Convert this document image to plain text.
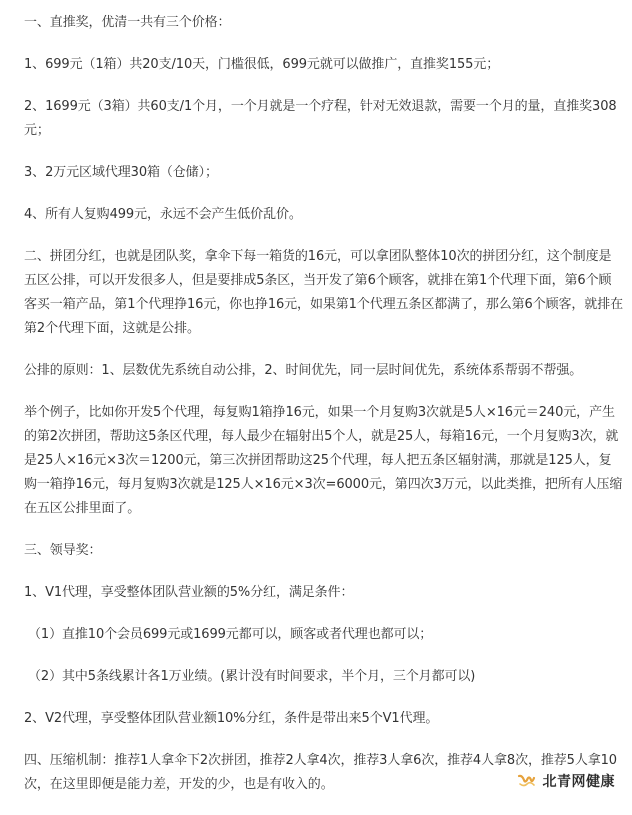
一、直推奖，优清一共有三个价格：

1、699元（1箱）共20支/10天，门槛很低，699元就可以做推广，直推奖155元；

2、1699元（3箱）共60支/1个月，一个月就是一个疗程，针对无效退款，需要一个月的量，直推奖308元；

3、2万元区域代理30箱（仓储）；

4、所有人复购499元，永远不会产生低价乱价。

二、拼团分红，也就是团队奖，拿伞下每一箱货的16元，可以拿团队整体10次的拼团分红，这个制度是五区公排，可以开发很多人，但是要排成5条区，当开发了第6个顾客，就排在第1个代理下面，第6个顾客买一箱产品，第1个代理挣16元，你也挣16元，如果第1个代理五条区都满了，那么第6个顾客，就排在第2个代理下面，这就是公排。

公排的原则：1、层数优先系统自动公排，2、时间优先，同一层时间优先，系统体系帮弱不帮强。

举个例子，比如你开发5个代理，每复购1箱挣16元，如果一个月复购3次就是5人×16元＝240元，产生的第2次拼团，帮助这5条区代理，每人最少在辐射出5个人，就是25人，每箱16元，一个月复购3次，就是25人×16元×3次＝1200元，第三次拼团帮助这25个代理，每人把五条区辐射满，那就是125人，复购一箱挣16元，每月复购3次就是125人×16元×3次=6000元，第四次3万元，以此类推，把所有人压缩在五区公排里面了。

三、领导奖：

1、V1代理，享受整体团队营业额的5%分红，满足条件：

（1）直推10个会员699元或1699元都可以，顾客或者代理也都可以；

（2）其中5条线累计各1万业绩。(累计没有时间要求，半个月，三个月都可以)

2、V2代理，享受整体团队营业额10%分红，条件是带出来5个V1代理。

四、压缩机制：推荐1人拿伞下2次拼团，推荐2人拿4次，推荐3人拿6次，推荐4人拿8次，推荐5人拿10次，在这里即便是能力差，开发的少，也是有收入的。	北青网健康
